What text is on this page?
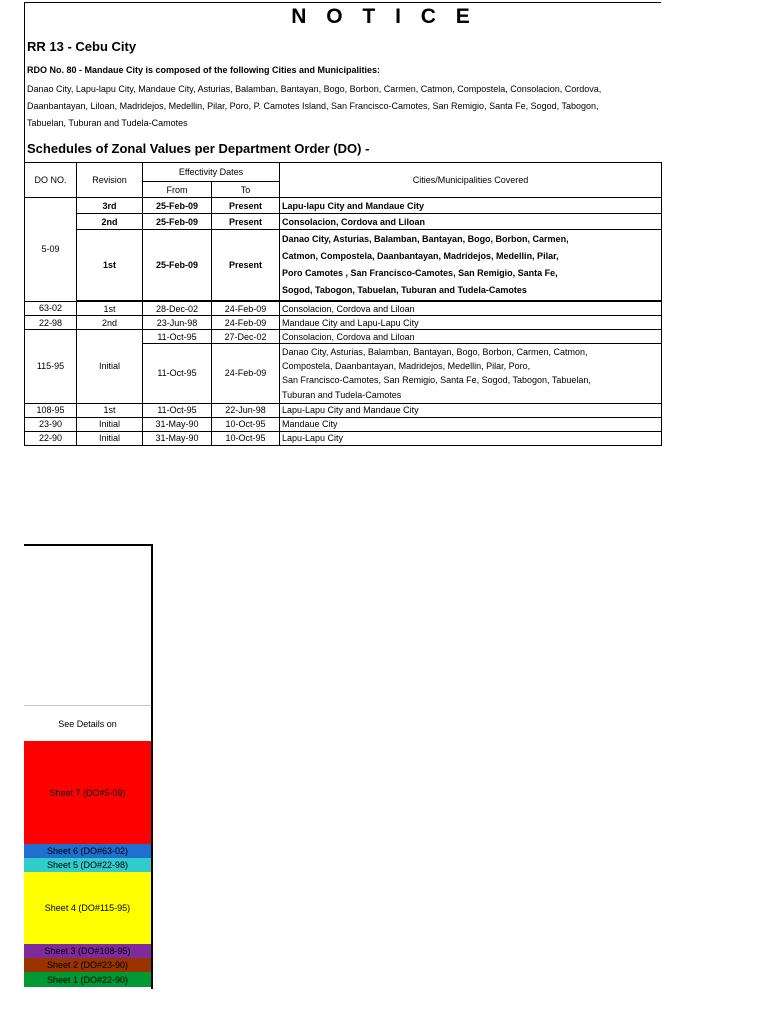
N O T I C E
RR 13 - Cebu City
RDO No. 80 - Mandaue City is composed of the following Cities and Municipalities:
Danao City, Lapu-lapu City, Mandaue City, Asturias, Balamban, Bantayan, Bogo, Borbon, Carmen, Catmon, Compostela, Consolacion, Cordova,
Daanbantayan, Liloan, Madridejos, Medellin, Pilar, Poro, P. Camotes Island, San Francisco-Camotes, San Remigio, Santa Fe, Sogod, Tabogon,
Tabuelan, Tuburan and Tudela-Camotes
Schedules of Zonal Values per Department Order (DO) -
DO NO.	Revision	Effectivity Dates		Cities/Municipalities Covered
		From	To	
5-09	3rd	25-Feb-09	Present	Lapu-lapu City and Mandaue City
	2nd	25-Feb-09	Present	Consolacion, Cordova and Liloan
	1st	25-Feb-09	Present	Danao City, Asturias, Balamban, Bantayan, Bogo, Borbon, Carmen,
Catmon, Compostela, Daanbantayan, Madridejos, Medellin, Pilar,
Poro Camotes , San Francisco-Camotes, San Remigio, Santa Fe,
Sogod, Tabogon, Tabuelan, Tuburan and Tudela-Camotes

63-02	1st	28-Dec-02	24-Feb-09	Consolacion, Cordova and Liloan
22-98	2nd	23-Jun-98	24-Feb-09	Mandaue City and Lapu-Lapu City
115-95	Initial	11-Oct-95	27-Dec-02	Consolacion, Cordova and Liloan
		11-Oct-95	24-Feb-09	Danao City, Asturias, Balamban, Bantayan, Bogo, Borbon, Carmen, Catmon,
Compostela, Daanbantayan, Madridejos, Medellin, Pilar, Poro,
San Francisco-Camotes, San Remigio, Santa Fe, Sogod, Tabogon, Tabuelan,
Tuburan and Tudela-Camotes

108-95	1st	11-Oct-95	22-Jun-98	Lapu-Lapu City and Mandaue City
23-90	Initial	31-May-90	10-Oct-95	Mandaue City
22-90	Initial	31-May-90	10-Oct-95	Lapu-Lapu City
See Details on
Sheet 7 (DO#5-09)
Sheet 6 (DO#63-02)
Sheet 5 (DO#22-98)
Sheet 4 (DO#115-95)
Sheet 3 (DO#108-95)
Sheet 2 (DO#23-90)
Sheet 1 (DO#22-90)
